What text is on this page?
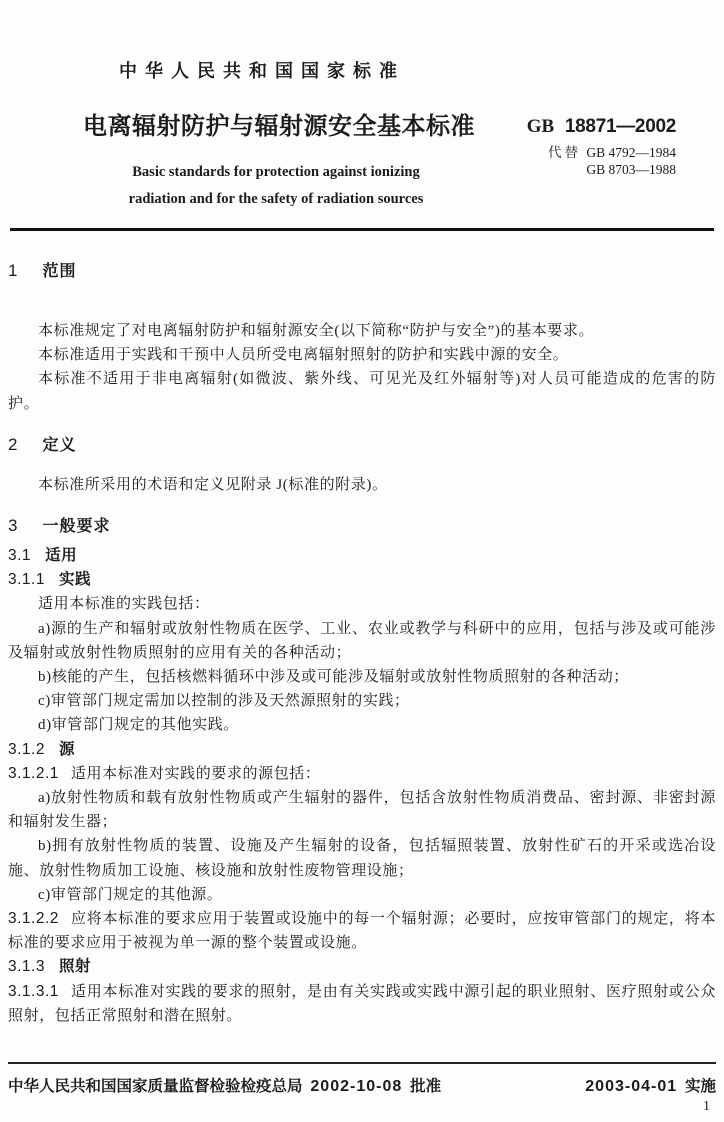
中华人民共和国国家标准
电离辐射防护与辐射源安全基本标准	GB 18871—2002
代替 GB 4792—1984
GB 8703—1988
Basic standards for protection against ionizing
radiation and for the safety of radiation sources
1 范围
本标准规定了对电离辐射防护和辐射源安全(以下简称“防护与安全”)的基本要求。
本标准适用于实践和干预中人员所受电离辐射照射的防护和实践中源的安全。
本标准不适用于非电离辐射(如微波、紫外线、可见光及红外辐射等)对人员可能造成的危害的防护。
2 定义
本标准所采用的术语和定义见附录 J(标准的附录)。
3 一般要求
3.1 适用
3.1.1 实践
适用本标准的实践包括：
a)源的生产和辐射或放射性物质在医学、工业、农业或教学与科研中的应用，包括与涉及或可能涉及辐射或放射性物质照射的应用有关的各种活动；
b)核能的产生，包括核燃料循环中涉及或可能涉及辐射或放射性物质照射的各种活动；
c)审管部门规定需加以控制的涉及天然源照射的实践；
d)审管部门规定的其他实践。
3.1.2 源
3.1.2.1 适用本标准对实践的要求的源包括：
a)放射性物质和载有放射性物质或产生辐射的器件，包括含放射性物质消费品、密封源、非密封源和辐射发生器；
b)拥有放射性物质的装置、设施及产生辐射的设备，包括辐照装置、放射性矿石的开采或选冶设施、放射性物质加工设施、核设施和放射性废物管理设施；
c)审管部门规定的其他源。
3.1.2.2 应将本标准的要求应用于装置或设施中的每一个辐射源；必要时，应按审管部门的规定，将本标准的要求应用于被视为单一源的整个装置或设施。
3.1.3 照射
3.1.3.1 适用本标准对实践的要求的照射，是由有关实践或实践中源引起的职业照射、医疗照射或公众照射，包括正常照射和潜在照射。
中华人民共和国国家质量监督检验检疫总局 2002-10-08 批准	2003-04-01 实施
1
